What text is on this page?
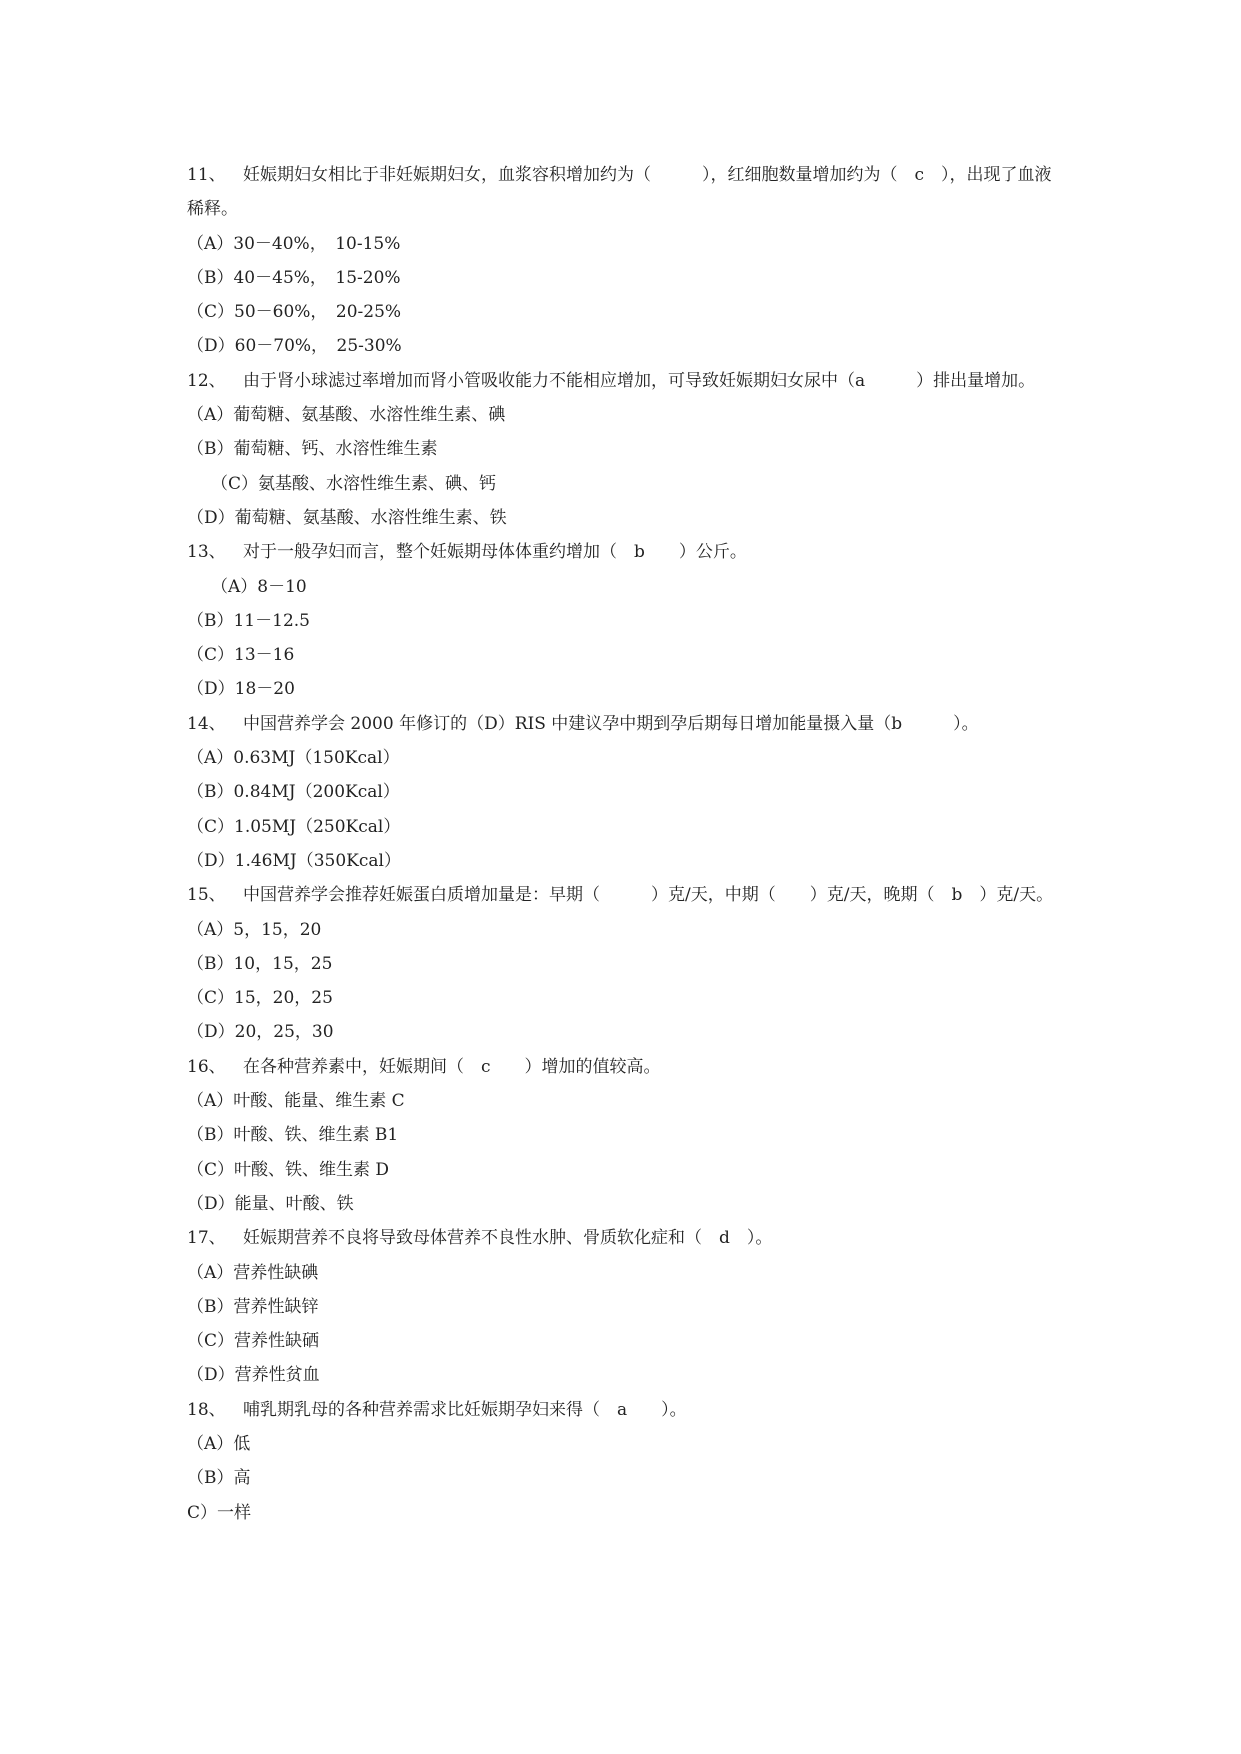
11、 妊娠期妇女相比于非妊娠期妇女，血浆容积增加约为（　　　），红细胞数量增加约为（　c　），出现了血液稀释。
（A）30－40%，　10-15%
（B）40－45%，　15-20%
（C）50－60%，　20-25%
（D）60－70%，　25-30%
12、 由于肾小球滤过率增加而肾小管吸收能力不能相应增加，可导致妊娠期妇女尿中（a　　　）排出量增加。
（A）葡萄糖、氨基酸、水溶性维生素、碘
（B）葡萄糖、钙、水溶性维生素
（C）氨基酸、水溶性维生素、碘、钙
（D）葡萄糖、氨基酸、水溶性维生素、铁
13、 对于一般孕妇而言，整个妊娠期母体体重约增加（　b　　）公斤。
（A）8－10
（B）11－12.5
（C）13－16
（D）18－20
14、 中国营养学会 2000 年修订的（D）RIS 中建议孕中期到孕后期每日增加能量摄入量（b　　　）。
（A）0.63MJ（150Kcal）
（B）0.84MJ（200Kcal）
（C）1.05MJ（250Kcal）
（D）1.46MJ（350Kcal）
15、 中国营养学会推荐妊娠蛋白质增加量是：早期（　　　）克/天，中期（　　）克/天，晚期（　b　）克/天。
（A）5，15，20
（B）10，15，25
（C）15，20，25
（D）20，25，30
16、 在各种营养素中，妊娠期间（　c　　）增加的值较高。
（A）叶酸、能量、维生素 C
（B）叶酸、铁、维生素 B1
（C）叶酸、铁、维生素 D
（D）能量、叶酸、铁
17、 妊娠期营养不良将导致母体营养不良性水肿、骨质软化症和（　d　）。
（A）营养性缺碘
（B）营养性缺锌
（C）营养性缺硒
（D）营养性贫血
18、 哺乳期乳母的各种营养需求比妊娠期孕妇来得（　a　　）。
（A）低
（B）高
C）一样
